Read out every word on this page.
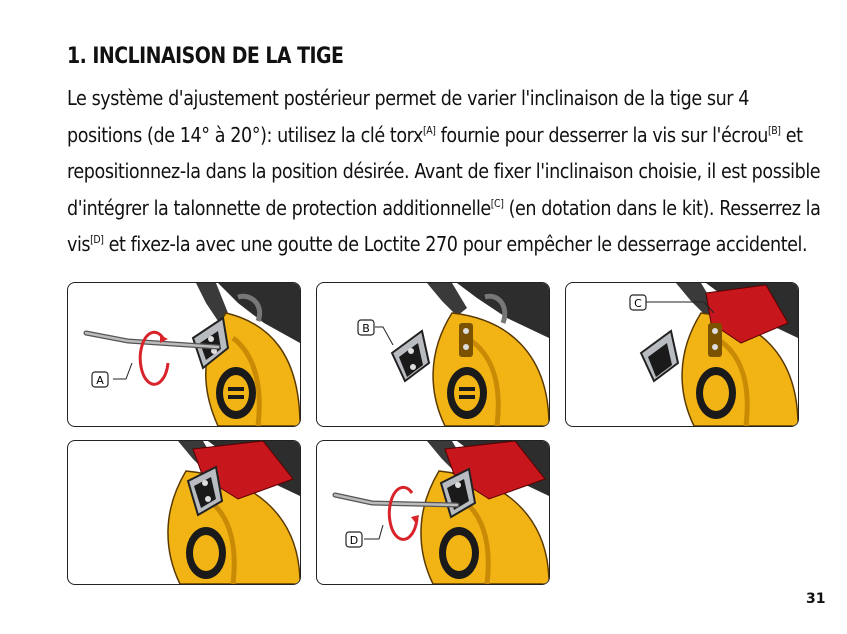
1. INCLINAISON DE LA TIGE
Le système d'ajustement postérieur permet de varier l'inclinaison de la tige sur 4
positions (de 14° à 20°): utilisez la clé torx[A] fournie pour desserrer la vis sur l'écrou[B] et
repositionnez-la dans la position désirée. Avant de fixer l'inclinaison choisie, il est possible
d'intégrer la talonnette de protection additionnelle[C] (en dotation dans le kit). Resserrez la
vis[D] et fixez-la avec une goutte de Loctite 270 pour empêcher le desserrage accidentel.
A
B
C
D
31
